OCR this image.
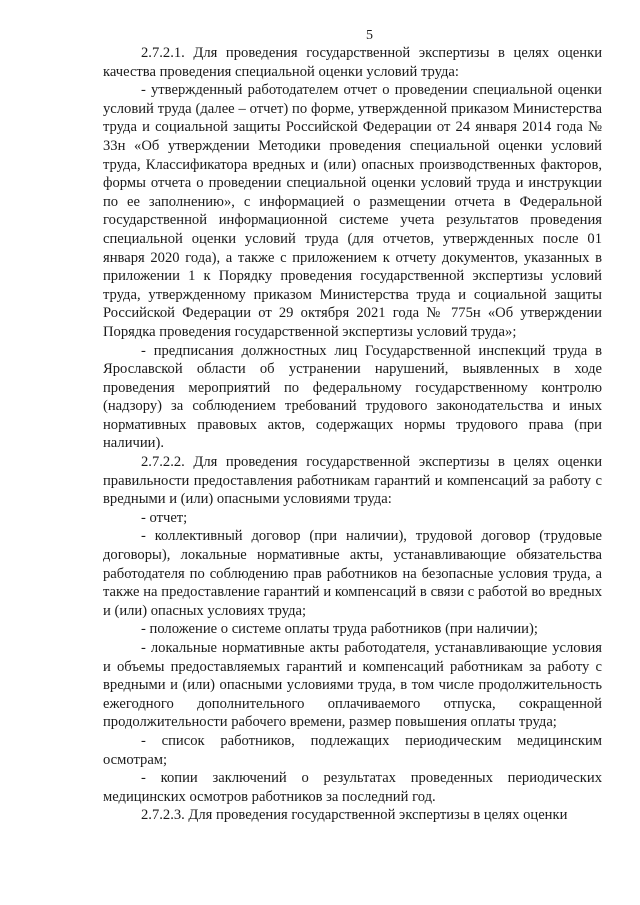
5

2.7.2.1. Для проведения государственной экспертизы в целях оценки качества проведения специальной оценки условий труда:

- утвержденный работодателем отчет о проведении специальной оценки условий труда (далее – отчет) по форме, утвержденной приказом Министерства труда и социальной защиты Российской Федерации от 24 января 2014 года № 33н «Об утверждении Методики проведения специальной оценки условий труда, Классификатора вредных и (или) опасных производственных факторов, формы отчета о проведении специальной оценки условий труда и инструкции по ее заполнению», с информацией о размещении отчета в Федеральной государственной информационной системе учета результатов проведения специальной оценки условий труда (для отчетов, утвержденных после 01 января 2020 года), а также с приложением к отчету документов, указанных в приложении 1 к Порядку проведения государственной экспертизы условий труда, утвержденному приказом Министерства труда и социальной защиты Российской Федерации от 29 октября 2021 года № 775н «Об утверждении Порядка проведения государственной экспертизы условий труда»;

- предписания должностных лиц Государственной инспекций труда в Ярославской области об устранении нарушений, выявленных в ходе проведения мероприятий по федеральному государственному контролю (надзору) за соблюдением требований трудового законодательства и иных нормативных правовых актов, содержащих нормы трудового права (при наличии).

2.7.2.2. Для проведения государственной экспертизы в целях оценки правильности предоставления работникам гарантий и компенсаций за работу с вредными и (или) опасными условиями труда:

- отчет;

- коллективный договор (при наличии), трудовой договор (трудовые договоры), локальные нормативные акты, устанавливающие обязательства работодателя по соблюдению прав работников на безопасные условия труда, а также на предоставление гарантий и компенсаций в связи с работой во вредных и (или) опасных условиях труда;

- положение о системе оплаты труда работников (при наличии);

- локальные нормативные акты работодателя, устанавливающие условия и объемы предоставляемых гарантий и компенсаций работникам за работу с вредными и (или) опасными условиями труда, в том числе продолжительность ежегодного дополнительного оплачиваемого отпуска, сокращенной продолжительности рабочего времени, размер повышения оплаты труда;

- список работников, подлежащих периодическим медицинским осмотрам;

- копии заключений о результатах проведенных периодических медицинских осмотров работников за последний год.

2.7.2.3. Для проведения государственной экспертизы в целях оценки
